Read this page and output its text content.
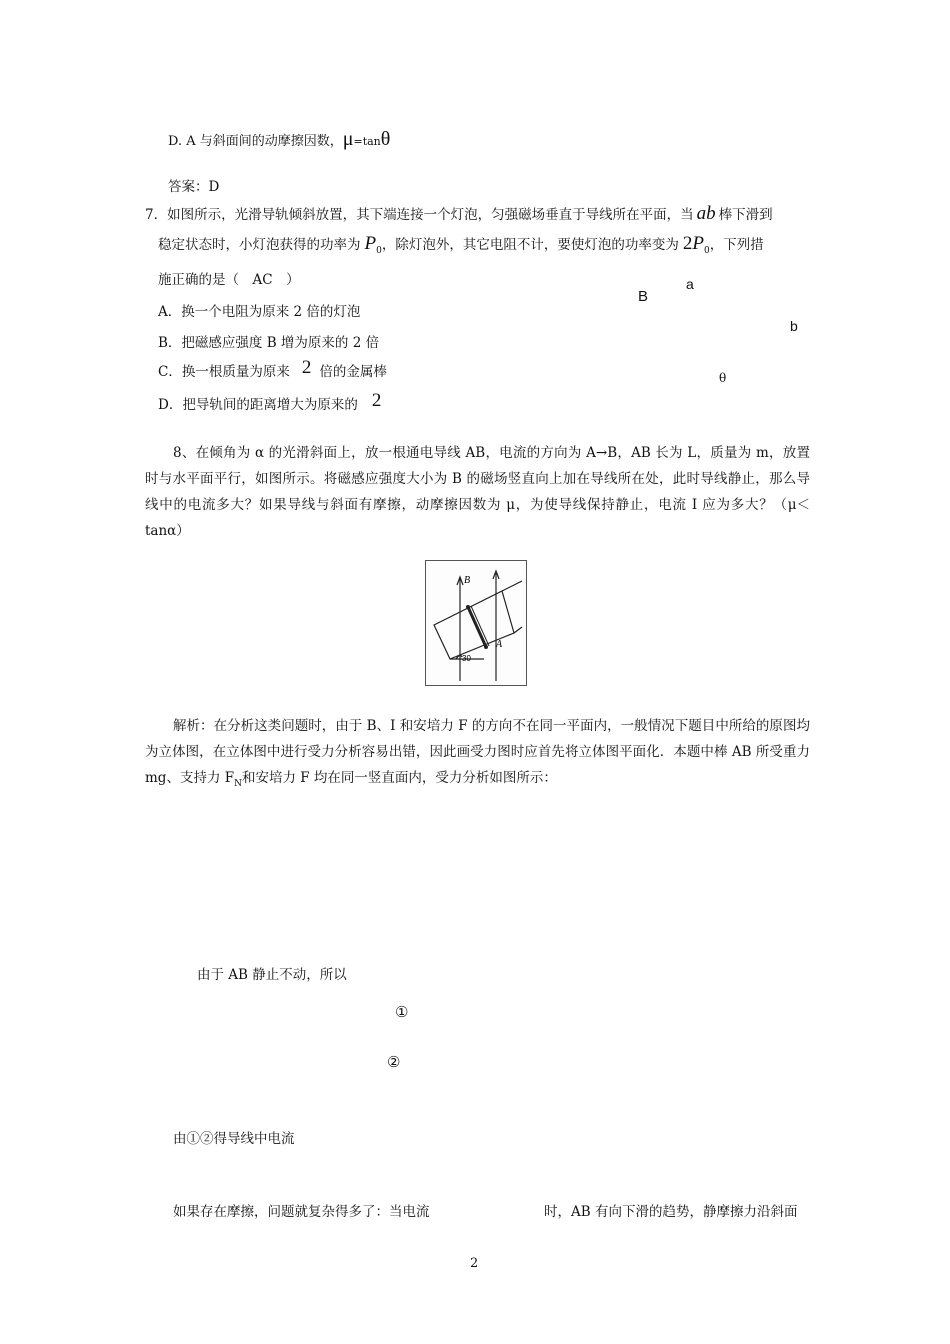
D. A 与斜面间的动摩擦因数，μ=tanθ
答案：D
7．如图所示，光滑导轨倾斜放置，其下端连接一个灯泡，匀强磁场垂直于导线所在平面，当 ab 棒下滑到
稳定状态时，小灯泡获得的功率为 $P_0$，除灯泡外，其它电阻不计，要使灯泡的功率变为 $2P_0$，下列措
施正确的是（　AC　）
A．换一个电阻为原来 2 倍的灯泡
B．把磁感应强度 B 增为原来的 2 倍
C．换一根质量为原来 2 倍的金属棒
D．把导轨间的距离增大为原来的 2
a
B
b
θ
8、在倾角为 α 的光滑斜面上，放一根通电导线 AB，电流的方向为 A→B，AB 长为 L，质量为 m，放置时与水平面平行，如图所示。将磁感应强度大小为 B 的磁场竖直向上加在导线所在处，此时导线静止，那么导线中的电流多大？如果导线与斜面有摩擦，动摩擦因数为 μ，为使导线保持静止，电流 I 应为多大？（μ＜tanα）
B
A
30
解析：在分析这类问题时，由于 B、I 和安培力 F 的方向不在同一平面内，一般情况下题目中所给的原图均为立体图，在立体图中进行受力分析容易出错，因此画受力图时应首先将立体图平面化．本题中棒 AB 所受重力 mg、支持力 $F_N$和安培力 F 均在同一竖直面内，受力分析如图所示：
由于 AB 静止不动，所以
①
②
由①②得导线中电流
如果存在摩擦，问题就复杂得多了：当电流	时，AB 有向下滑的趋势，静摩擦力沿斜面
2
